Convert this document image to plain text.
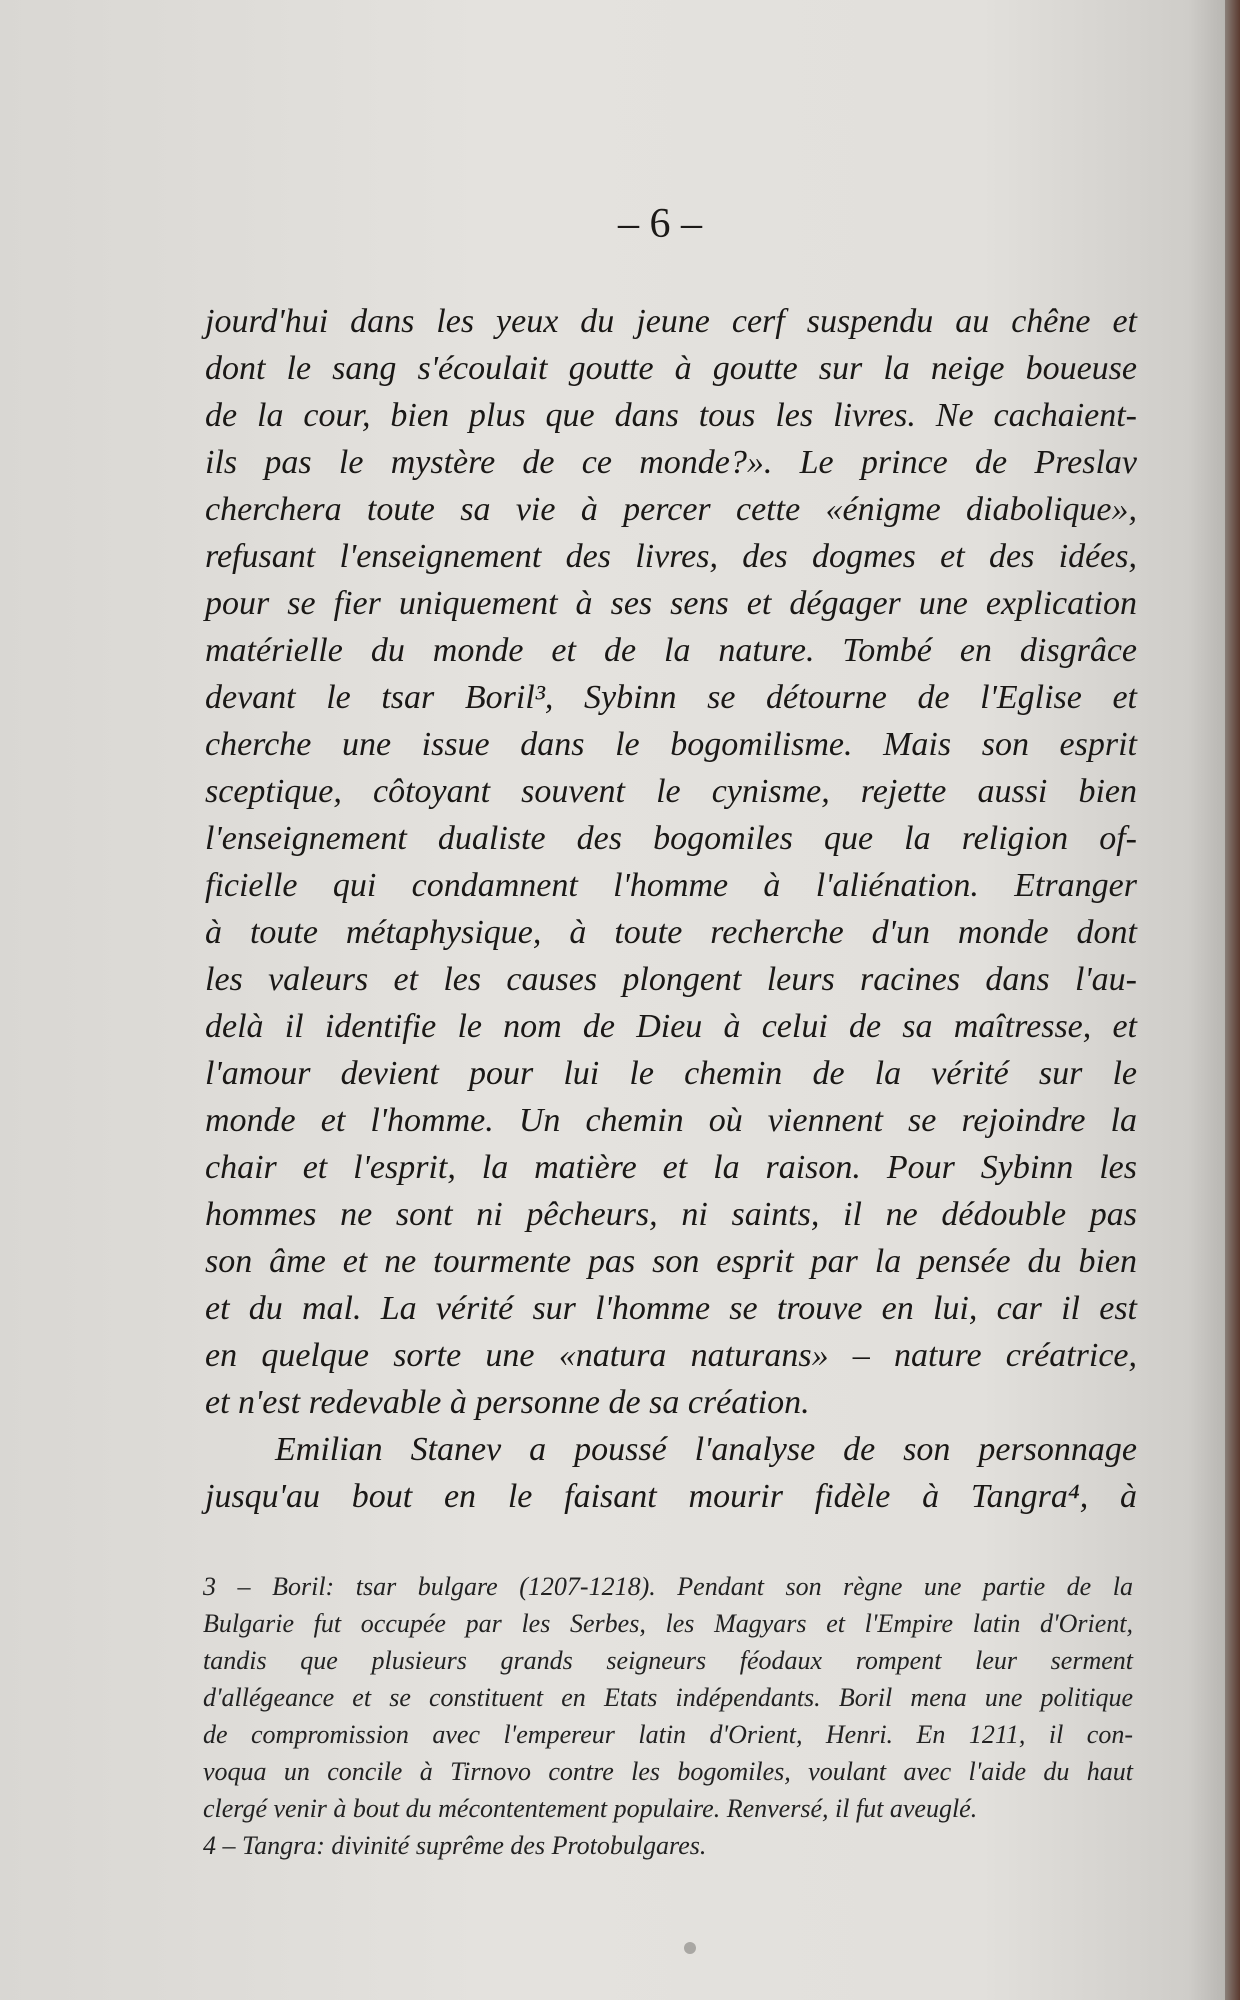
– 6 –
jourd'hui dans les yeux du jeune cerf suspendu au chêne et
dont le sang s'écoulait goutte à goutte sur la neige boueuse
de la cour, bien plus que dans tous les livres. Ne cachaient-
ils pas le mystère de ce monde?». Le prince de Preslav
cherchera toute sa vie à percer cette «énigme diabolique»,
refusant l'enseignement des livres, des dogmes et des idées,
pour se fier uniquement à ses sens et dégager une explication
matérielle du monde et de la nature. Tombé en disgrâce
devant le tsar Boril³, Sybinn se détourne de l'Eglise et
cherche une issue dans le bogomilisme. Mais son esprit
sceptique, côtoyant souvent le cynisme, rejette aussi bien
l'enseignement dualiste des bogomiles que la religion of-
ficielle qui condamnent l'homme à l'aliénation. Etranger
à toute métaphysique, à toute recherche d'un monde dont
les valeurs et les causes plongent leurs racines dans l'au-
delà il identifie le nom de Dieu à celui de sa maîtresse, et
l'amour devient pour lui le chemin de la vérité sur le
monde et l'homme. Un chemin où viennent se rejoindre la
chair et l'esprit, la matière et la raison. Pour Sybinn les
hommes ne sont ni pêcheurs, ni saints, il ne dédouble pas
son âme et ne tourmente pas son esprit par la pensée du bien
et du mal. La vérité sur l'homme se trouve en lui, car il est
en quelque sorte une «natura naturans» – nature créatrice,
et n'est redevable à personne de sa création.
Emilian Stanev a poussé l'analyse de son personnage
jusqu'au bout en le faisant mourir fidèle à Tangra⁴, à
3 – Boril: tsar bulgare (1207-1218). Pendant son règne une partie de la
Bulgarie fut occupée par les Serbes, les Magyars et l'Empire latin d'Orient,
tandis que plusieurs grands seigneurs féodaux rompent leur serment
d'allégeance et se constituent en Etats indépendants. Boril mena une politique
de compromission avec l'empereur latin d'Orient, Henri. En 1211, il con-
voqua un concile à Tirnovo contre les bogomiles, voulant avec l'aide du haut
clergé venir à bout du mécontentement populaire. Renversé, il fut aveuglé.
4 – Tangra: divinité suprême des Protobulgares.
